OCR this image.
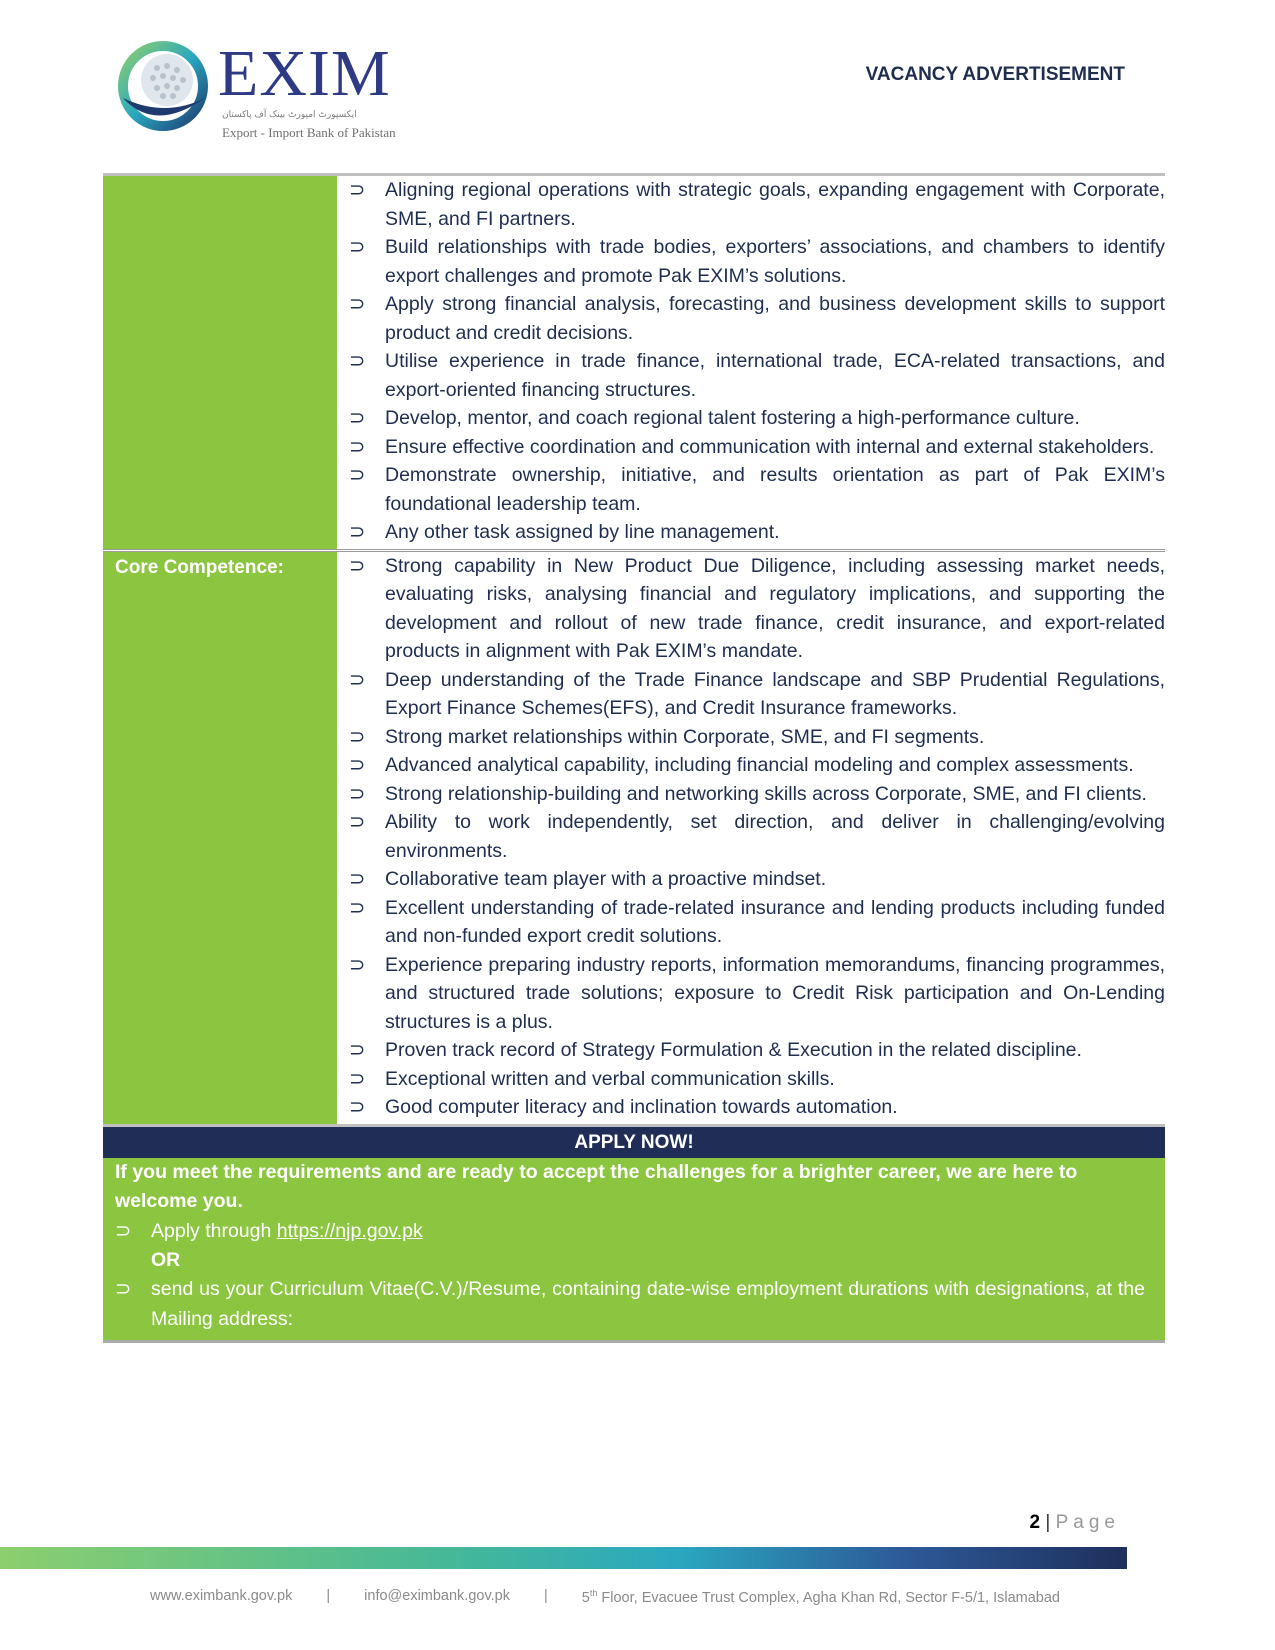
EXIM
ایکسپورٹ امپورٹ بینک آف پاکستان
Export - Import Bank of Pakistan
VACANCY ADVERTISEMENT
⊃ Aligning regional operations with strategic goals, expanding engagement with Corporate, SME, and FI partners.
⊃ Build relationships with trade bodies, exporters’ associations, and chambers to identify export challenges and promote Pak EXIM’s solutions.
⊃ Apply strong financial analysis, forecasting, and business development skills to support product and credit decisions.
⊃ Utilise experience in trade finance, international trade, ECA-related transactions, and export-oriented financing structures.
⊃ Develop, mentor, and coach regional talent fostering a high-performance culture.
⊃ Ensure effective coordination and communication with internal and external stakeholders.
⊃ Demonstrate ownership, initiative, and results orientation as part of Pak EXIM’s foundational leadership team.
⊃ Any other task assigned by line management.
Core Competence:	⊃ Strong capability in New Product Due Diligence, including assessing market needs, evaluating risks, analysing financial and regulatory implications, and supporting the development and rollout of new trade finance, credit insurance, and export-related products in alignment with Pak EXIM’s mandate.
⊃ Deep understanding of the Trade Finance landscape and SBP Prudential Regulations, Export Finance Schemes(EFS), and Credit Insurance frameworks.
⊃ Strong market relationships within Corporate, SME, and FI segments.
⊃ Advanced analytical capability, including financial modeling and complex assessments.
⊃ Strong relationship-building and networking skills across Corporate, SME, and FI clients.
⊃ Ability to work independently, set direction, and deliver in challenging/evolving environments.
⊃ Collaborative team player with a proactive mindset.
⊃ Excellent understanding of trade-related insurance and lending products including funded and non-funded export credit solutions.
⊃ Experience preparing industry reports, information memorandums, financing programmes, and structured trade solutions; exposure to Credit Risk participation and On-Lending structures is a plus.
⊃ Proven track record of Strategy Formulation & Execution in the related discipline.
⊃ Exceptional written and verbal communication skills.
⊃ Good computer literacy and inclination towards automation.
APPLY NOW!
If you meet the requirements and are ready to accept the challenges for a brighter career, we are here to welcome you.
⊃ Apply through https://njp.gov.pk
OR
⊃ send us your Curriculum Vitae(C.V.)/Resume, containing date-wise employment durations with designations, at the Mailing address:
2 | Page
www.eximbank.gov.pk | info@eximbank.gov.pk | 5th Floor, Evacuee Trust Complex, Agha Khan Rd, Sector F-5/1, Islamabad
